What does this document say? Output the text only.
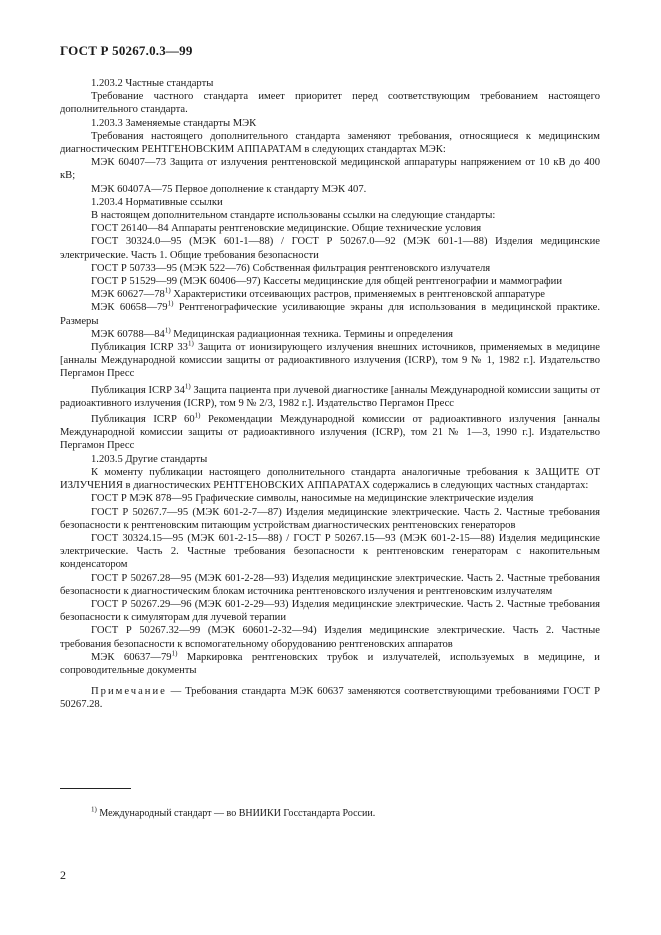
ГОСТ Р 50267.0.3—99

1.203.2 Частные стандарты

Требование частного стандарта имеет приоритет перед соответствующим требованием настоящего дополнительного стандарта.

1.203.3 Заменяемые стандарты МЭК

Требования настоящего дополнительного стандарта заменяют требования, относящиеся к медицинским диагностическим РЕНТГЕНОВСКИМ АППАРАТАМ в следующих стандартах МЭК:

МЭК 60407—73 Защита от излучения рентгеновской медицинской аппаратуры напряжением от 10 кВ до 400 кВ;

МЭК 60407А—75 Первое дополнение к стандарту МЭК 407.

1.203.4 Нормативные ссылки

В настоящем дополнительном стандарте использованы ссылки на следующие стандарты:

ГОСТ 26140—84 Аппараты рентгеновские медицинские. Общие технические условия

ГОСТ 30324.0—95 (МЭК 601-1—88) / ГОСТ Р 50267.0—92 (МЭК 601-1—88) Изделия медицинские электрические. Часть 1. Общие требования безопасности

ГОСТ Р 50733—95 (МЭК 522—76) Собственная фильтрация рентгеновского излучателя

ГОСТ Р 51529—99 (МЭК 60406—97) Кассеты медицинские для общей рентгенографии и маммографии

МЭК 60627—78$^{1)}$ Характеристики отсеивающих растров, применяемых в рентгеновской аппаратуре

МЭК 60658—79$^{1)}$ Рентгенографические усиливающие экраны для использования в медицинской практике. Размеры

МЭК 60788—84$^{1)}$ Медицинская радиационная техника. Термины и определения

Публикация ICRP 33$^{1)}$ Защита от ионизирующего излучения внешних источников, применяемых в медицине [анналы Международной комиссии защиты от радиоактивного излучения (ICRP), том 9 № 1, 1982 г.]. Издательство Пергамон Пресс

Публикация ICRP 34$^{1)}$ Защита пациента при лучевой диагностике [анналы Международной комиссии защиты от радиоактивного излучения (ICRP), том 9 № 2/3, 1982 г.]. Издательство Пергамон Пресс

Публикация ICRP 60$^{1)}$ Рекомендации Международной комиссии от радиоактивного излучения [анналы Международной комиссии защиты от радиоактивного излучения (ICRP), том 21 № 1—3, 1990 г.]. Издательство Пергамон Пресс

1.203.5 Другие стандарты

К моменту публикации настоящего дополнительного стандарта аналогичные требования к ЗАЩИТЕ ОТ ИЗЛУЧЕНИЯ в диагностических РЕНТГЕНОВСКИХ АППАРАТАХ содержались в следующих частных стандартах:

ГОСТ Р МЭК 878—95 Графические символы, наносимые на медицинские электрические изделия

ГОСТ Р 50267.7—95 (МЭК 601-2-7—87) Изделия медицинские электрические. Часть 2. Частные требования безопасности к рентгеновским питающим устройствам диагностических рентгеновских генераторов

ГОСТ 30324.15—95 (МЭК 601-2-15—88) / ГОСТ Р 50267.15—93 (МЭК 601-2-15—88) Изделия медицинские электрические. Часть 2. Частные требования безопасности к рентгеновским генераторам с накопительным конденсатором

ГОСТ Р 50267.28—95 (МЭК 601-2-28—93) Изделия медицинские электрические. Часть 2. Частные требования безопасности к диагностическим блокам источника рентгеновского излучения и рентгеновским излучателям

ГОСТ Р 50267.29—96 (МЭК 601-2-29—93) Изделия медицинские электрические. Часть 2. Частные требования безопасности к симуляторам для лучевой терапии

ГОСТ Р 50267.32—99 (МЭК 60601-2-32—94) Изделия медицинские электрические. Часть 2. Частные требования безопасности к вспомогательному оборудованию рентгеновских аппаратов

МЭК 60637—79$^{1)}$ Маркировка рентгеновских трубок и излучателей, используемых в медицине, и сопроводительные документы

Примечание — Требования стандарта МЭК 60637 заменяются соответствующими требованиями ГОСТ Р 50267.28.

$^{1)}$ Международный стандарт — во ВНИИКИ Госстандарта России.
2
